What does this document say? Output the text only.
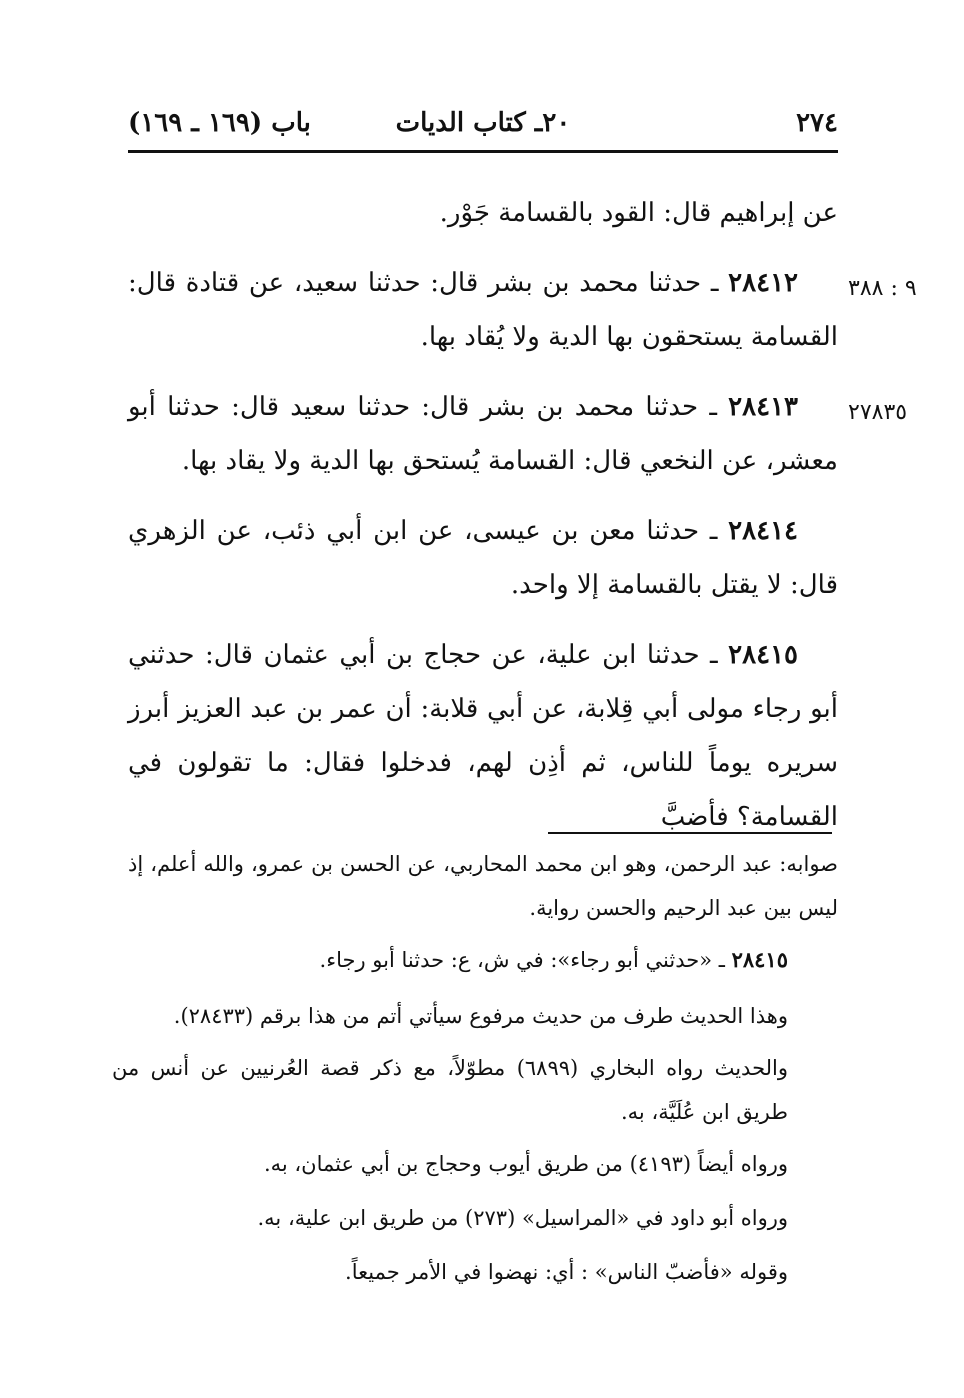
٢٧٤
٢٠ـ كتاب الديات
باب (١٦٩ ـ ١٦٩)
عن إبراهيم قال: القود بالقسامة جَوْر.
٩ : ٣٨٨
٢٨٤١٢ ـ حدثنا محمد بن بشر قال: حدثنا سعيد، عن قتادة قال: القسامة يستحقون بها الدية ولا يُقاد بها.
٢٧٨٣٥
٢٨٤١٣ ـ حدثنا محمد بن بشر قال: حدثنا سعيد قال: حدثنا أبو معشر، عن النخعي قال: القسامة يُستحق بها الدية ولا يقاد بها.
٢٨٤١٤ ـ حدثنا معن بن عيسى، عن ابن أبي ذئب، عن الزهري قال: لا يقتل بالقسامة إلا واحد.
٢٨٤١٥ ـ حدثنا ابن علية، عن حجاج بن أبي عثمان قال: حدثني أبو رجاء مولى أبي قِلابة، عن أبي قلابة: أن عمر بن عبد العزيز أبرز سريره يوماً للناس، ثم أذِن لهم، فدخلوا فقال: ما تقولون في القسامة؟ فأضبَّ
صوابه: عبد الرحمن، وهو ابن محمد المحاربي، عن الحسن بن عمرو، والله أعلم، إذ ليس بين عبد الرحيم والحسن رواية.
٢٨٤١٥ ـ «حدثني أبو رجاء»: في ش، ع: حدثنا أبو رجاء.
وهذا الحديث طرف من حديث مرفوع سيأتي أتم من هذا برقم (٢٨٤٣٣).
والحديث رواه البخاري (٦٨٩٩) مطوّلاً، مع ذكر قصة العُرنيين عن أنس من طريق ابن عُلَيَّة، به.
ورواه أيضاً (٤١٩٣) من طريق أيوب وحجاج بن أبي عثمان، به.
ورواه أبو داود في «المراسيل» (٢٧٣) من طريق ابن علية، به.
وقوله «فأضبّ الناس» : أي: نهضوا في الأمر جميعاً.
